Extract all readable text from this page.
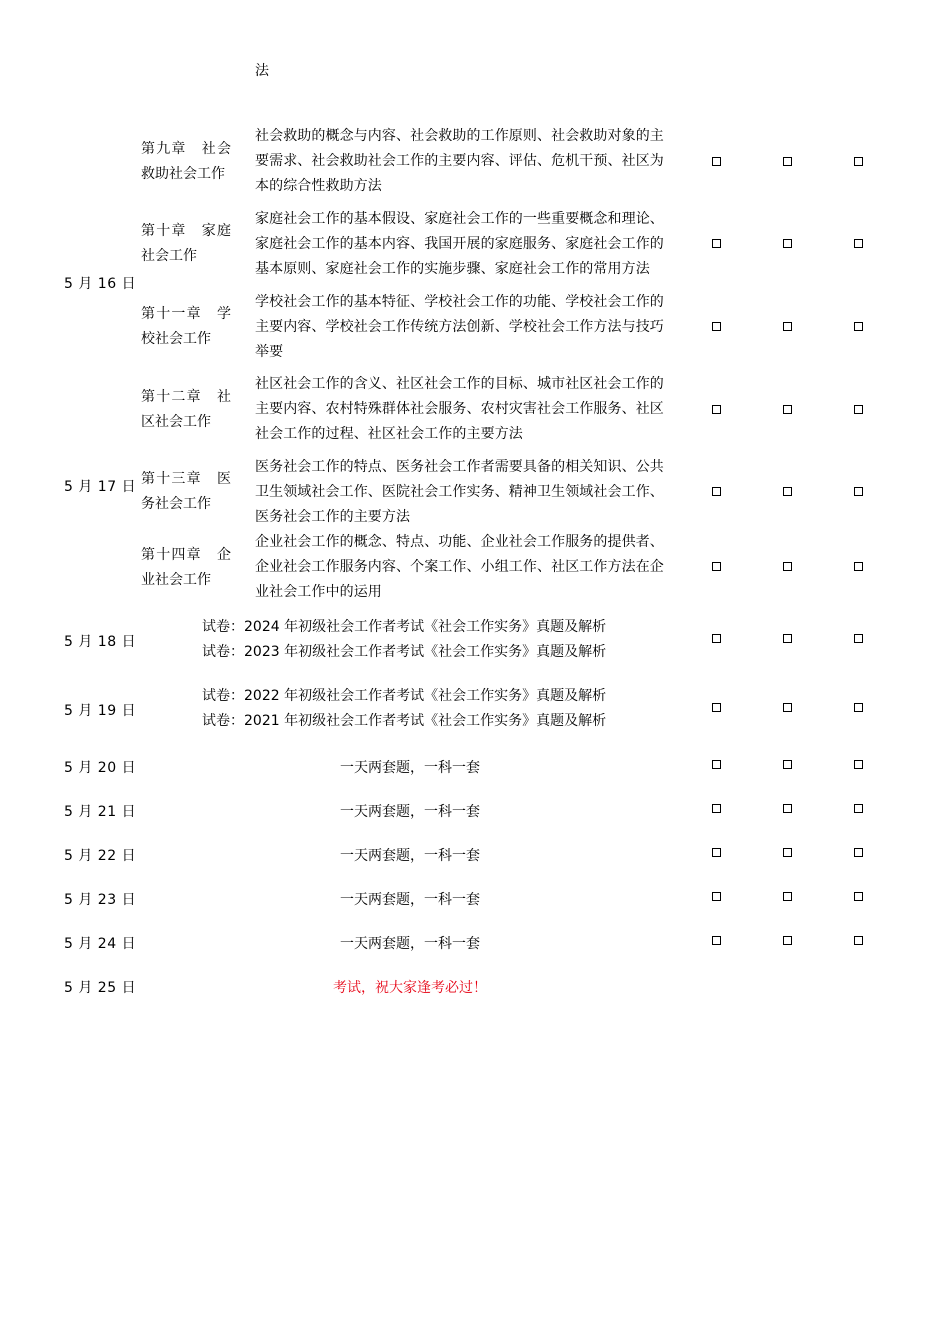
法
5 月 16 日
5 月 17 日
5 月 18 日
5 月 19 日
5 月 20 日
5 月 21 日
5 月 22 日
5 月 23 日
5 月 24 日
5 月 25 日
第九章　社会救助社会工作
社会救助的概念与内容、社会救助的工作原则、社会救助对象的主要需求、社会救助社会工作的主要内容、评估、危机干预、社区为本的综合性救助方法
第十章　家庭社会工作
家庭社会工作的基本假设、家庭社会工作的一些重要概念和理论、家庭社会工作的基本内容、我国开展的家庭服务、家庭社会工作的基本原则、家庭社会工作的实施步骤、家庭社会工作的常用方法
第十一章　学校社会工作
学校社会工作的基本特征、学校社会工作的功能、学校社会工作的主要内容、学校社会工作传统方法创新、学校社会工作方法与技巧举要
第十二章　社区社会工作
社区社会工作的含义、社区社会工作的目标、城市社区社会工作的主要内容、农村特殊群体社会服务、农村灾害社会工作服务、社区社会工作的过程、社区社会工作的主要方法
第十三章　医务社会工作
医务社会工作的特点、医务社会工作者需要具备的相关知识、公共卫生领域社会工作、医院社会工作实务、精神卫生领域社会工作、医务社会工作的主要方法
第十四章　企业社会工作
企业社会工作的概念、特点、功能、企业社会工作服务的提供者、企业社会工作服务内容、个案工作、小组工作、社区工作方法在企业社会工作中的运用
试卷：2024 年初级社会工作者考试《社会工作实务》真题及解析
试卷：2023 年初级社会工作者考试《社会工作实务》真题及解析
试卷：2022 年初级社会工作者考试《社会工作实务》真题及解析
试卷：2021 年初级社会工作者考试《社会工作实务》真题及解析
一天两套题，一科一套
一天两套题，一科一套
一天两套题，一科一套
一天两套题，一科一套
一天两套题，一科一套
考试，祝大家逢考必过！
